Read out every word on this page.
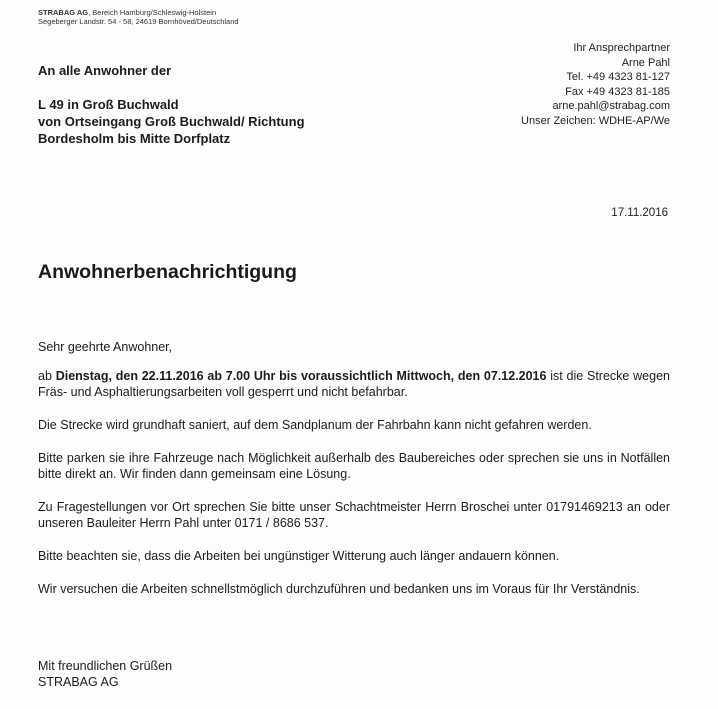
STRABAG AG, Bereich Hamburg/Schleswig-Holstein
Segeberger Landstr. 54 - 58, 24619 Bornhöved/Deutschland
An alle Anwohner der
L 49 in Groß Buchwald
von Ortseingang Groß Buchwald/ Richtung
Bordesholm bis Mitte Dorfplatz
Ihr Ansprechpartner
Arne Pahl
Tel. +49 4323 81-127
Fax +49 4323 81-185
arne.pahl@strabag.com
Unser Zeichen: WDHE-AP/We
17.11.2016
Anwohnerbenachrichtigung

Sehr geehrte Anwohner,

ab Dienstag, den 22.11.2016 ab 7.00 Uhr bis voraussichtlich Mittwoch, den 07.12.2016 ist die Strecke wegen Fräs- und Asphaltierungsarbeiten voll gesperrt und nicht befahrbar.

Die Strecke wird grundhaft saniert, auf dem Sandplanum der Fahrbahn kann nicht gefahren werden.

Bitte parken sie ihre Fahrzeuge nach Möglichkeit außerhalb des Baubereiches oder sprechen sie uns in Notfällen bitte direkt an. Wir finden dann gemeinsam eine Lösung.

Zu Fragestellungen vor Ort sprechen Sie bitte unser Schachtmeister Herrn Broschei unter 01791469213 an oder unseren Bauleiter Herrn Pahl unter 0171 / 8686 537.

Bitte beachten sie, dass die Arbeiten bei ungünstiger Witterung auch länger andauern können.

Wir versuchen die Arbeiten schnellstmöglich durchzuführen und bedanken uns im Voraus für Ihr Verständnis.

Mit freundlichen Grüßen
STRABAG AG
